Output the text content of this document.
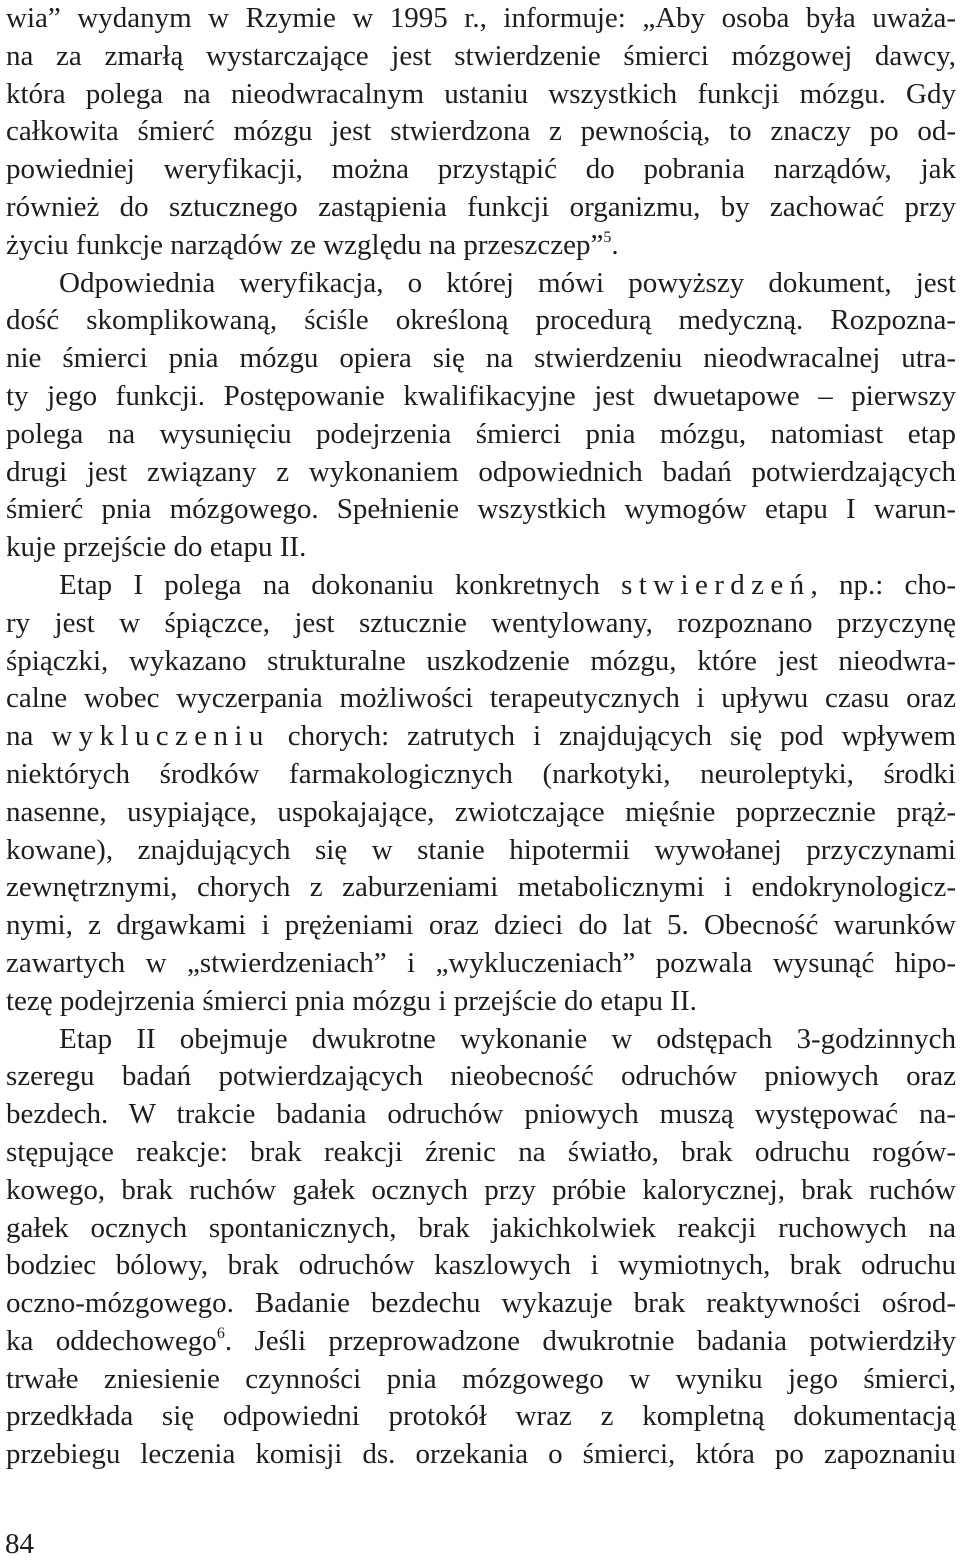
wia” wydanym w Rzymie w 1995 r., informuje: „Aby osoba była uważa-
na za zmarłą wystarczające jest stwierdzenie śmierci mózgowej dawcy,
która polega na nieodwracalnym ustaniu wszystkich funkcji mózgu. Gdy
całkowita śmierć mózgu jest stwierdzona z pewnością, to znaczy po od-
powiedniej weryfikacji, można przystąpić do pobrania narządów, jak
również do sztucznego zastąpienia funkcji organizmu, by zachować przy
życiu funkcje narządów ze względu na przeszczep”$^5$.
Odpowiednia weryfikacja, o której mówi powyższy dokument, jest
dość skomplikowaną, ściśle określoną procedurą medyczną. Rozpozna-
nie śmierci pnia mózgu opiera się na stwierdzeniu nieodwracalnej utra-
ty jego funkcji. Postępowanie kwalifikacyjne jest dwuetapowe – pierwszy
polega na wysunięciu podejrzenia śmierci pnia mózgu, natomiast etap
drugi jest związany z wykonaniem odpowiednich badań potwierdzających
śmierć pnia mózgowego. Spełnienie wszystkich wymogów etapu I warun-
kuje przejście do etapu II.
Etap I polega na dokonaniu konkretnych stwierdzeń, np.: cho-
ry jest w śpiączce, jest sztucznie wentylowany, rozpoznano przyczynę
śpiączki, wykazano strukturalne uszkodzenie mózgu, które jest nieodwra-
calne wobec wyczerpania możliwości terapeutycznych i upływu czasu oraz
na wykluczeniu chorych: zatrutych i znajdujących się pod wpływem
niektórych środków farmakologicznych (narkotyki, neuroleptyki, środki
nasenne, usypiające, uspokajające, zwiotczające mięśnie poprzecznie prąż-
kowane), znajdujących się w stanie hipotermii wywołanej przyczynami
zewnętrznymi, chorych z zaburzeniami metabolicznymi i endokrynologicz-
nymi, z drgawkami i prężeniami oraz dzieci do lat 5. Obecność warunków
zawartych w „stwierdzeniach” i „wykluczeniach” pozwala wysunąć hipo-
tezę podejrzenia śmierci pnia mózgu i przejście do etapu II.
Etap II obejmuje dwukrotne wykonanie w odstępach 3-godzinnych
szeregu badań potwierdzających nieobecność odruchów pniowych oraz
bezdech. W trakcie badania odruchów pniowych muszą występować na-
stępujące reakcje: brak reakcji źrenic na światło, brak odruchu rogów-
kowego, brak ruchów gałek ocznych przy próbie kalorycznej, brak ruchów
gałek ocznych spontanicznych, brak jakichkolwiek reakcji ruchowych na
bodziec bólowy, brak odruchów kaszlowych i wymiotnych, brak odruchu
oczno-mózgowego. Badanie bezdechu wykazuje brak reaktywności ośrod-
ka oddechowego$^6$. Jeśli przeprowadzone dwukrotnie badania potwierdziły
trwałe zniesienie czynności pnia mózgowego w wyniku jego śmierci,
przedkłada się odpowiedni protokół wraz z kompletną dokumentacją
przebiegu leczenia komisji ds. orzekania o śmierci, która po zapoznaniu
84
